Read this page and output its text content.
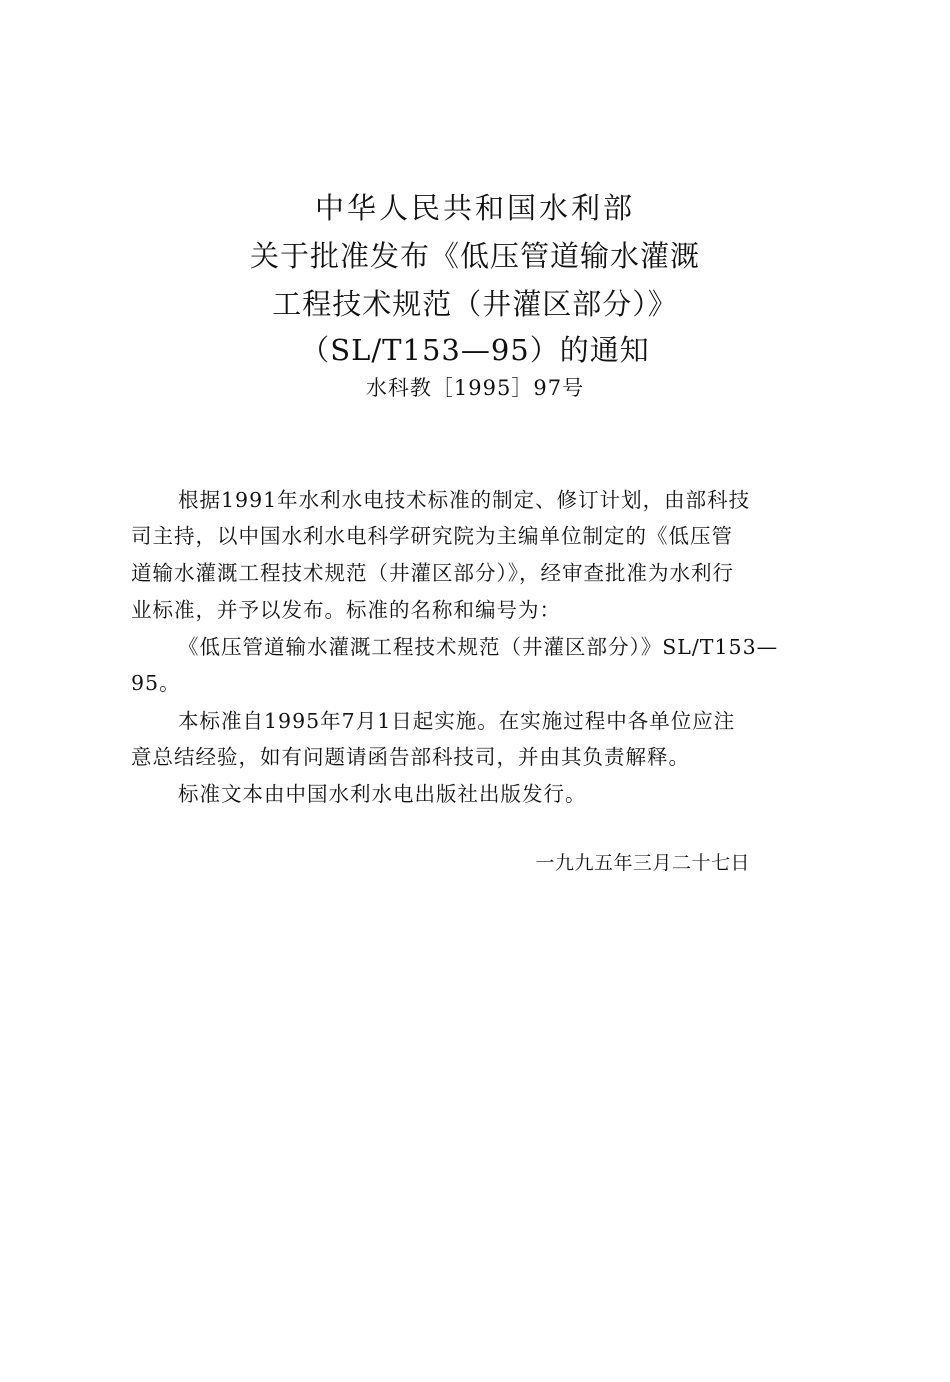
中华人民共和国水利部
关于批准发布《低压管道输水灌溉
工程技术规范（井灌区部分）》
（SL/T153—95）的通知
水科教［1995］97号
根据1991年水利水电技术标准的制定、修订计划，由部科技
司主持，以中国水利水电科学研究院为主编单位制定的《低压管
道输水灌溉工程技术规范（井灌区部分）》，经审查批准为水利行
业标准，并予以发布。标准的名称和编号为：
《低压管道输水灌溉工程技术规范（井灌区部分）》SL/T153—
95。
本标准自1995年7月1日起实施。在实施过程中各单位应注
意总结经验，如有问题请函告部科技司，并由其负责解释。
标准文本由中国水利水电出版社出版发行。
一九九五年三月二十七日
